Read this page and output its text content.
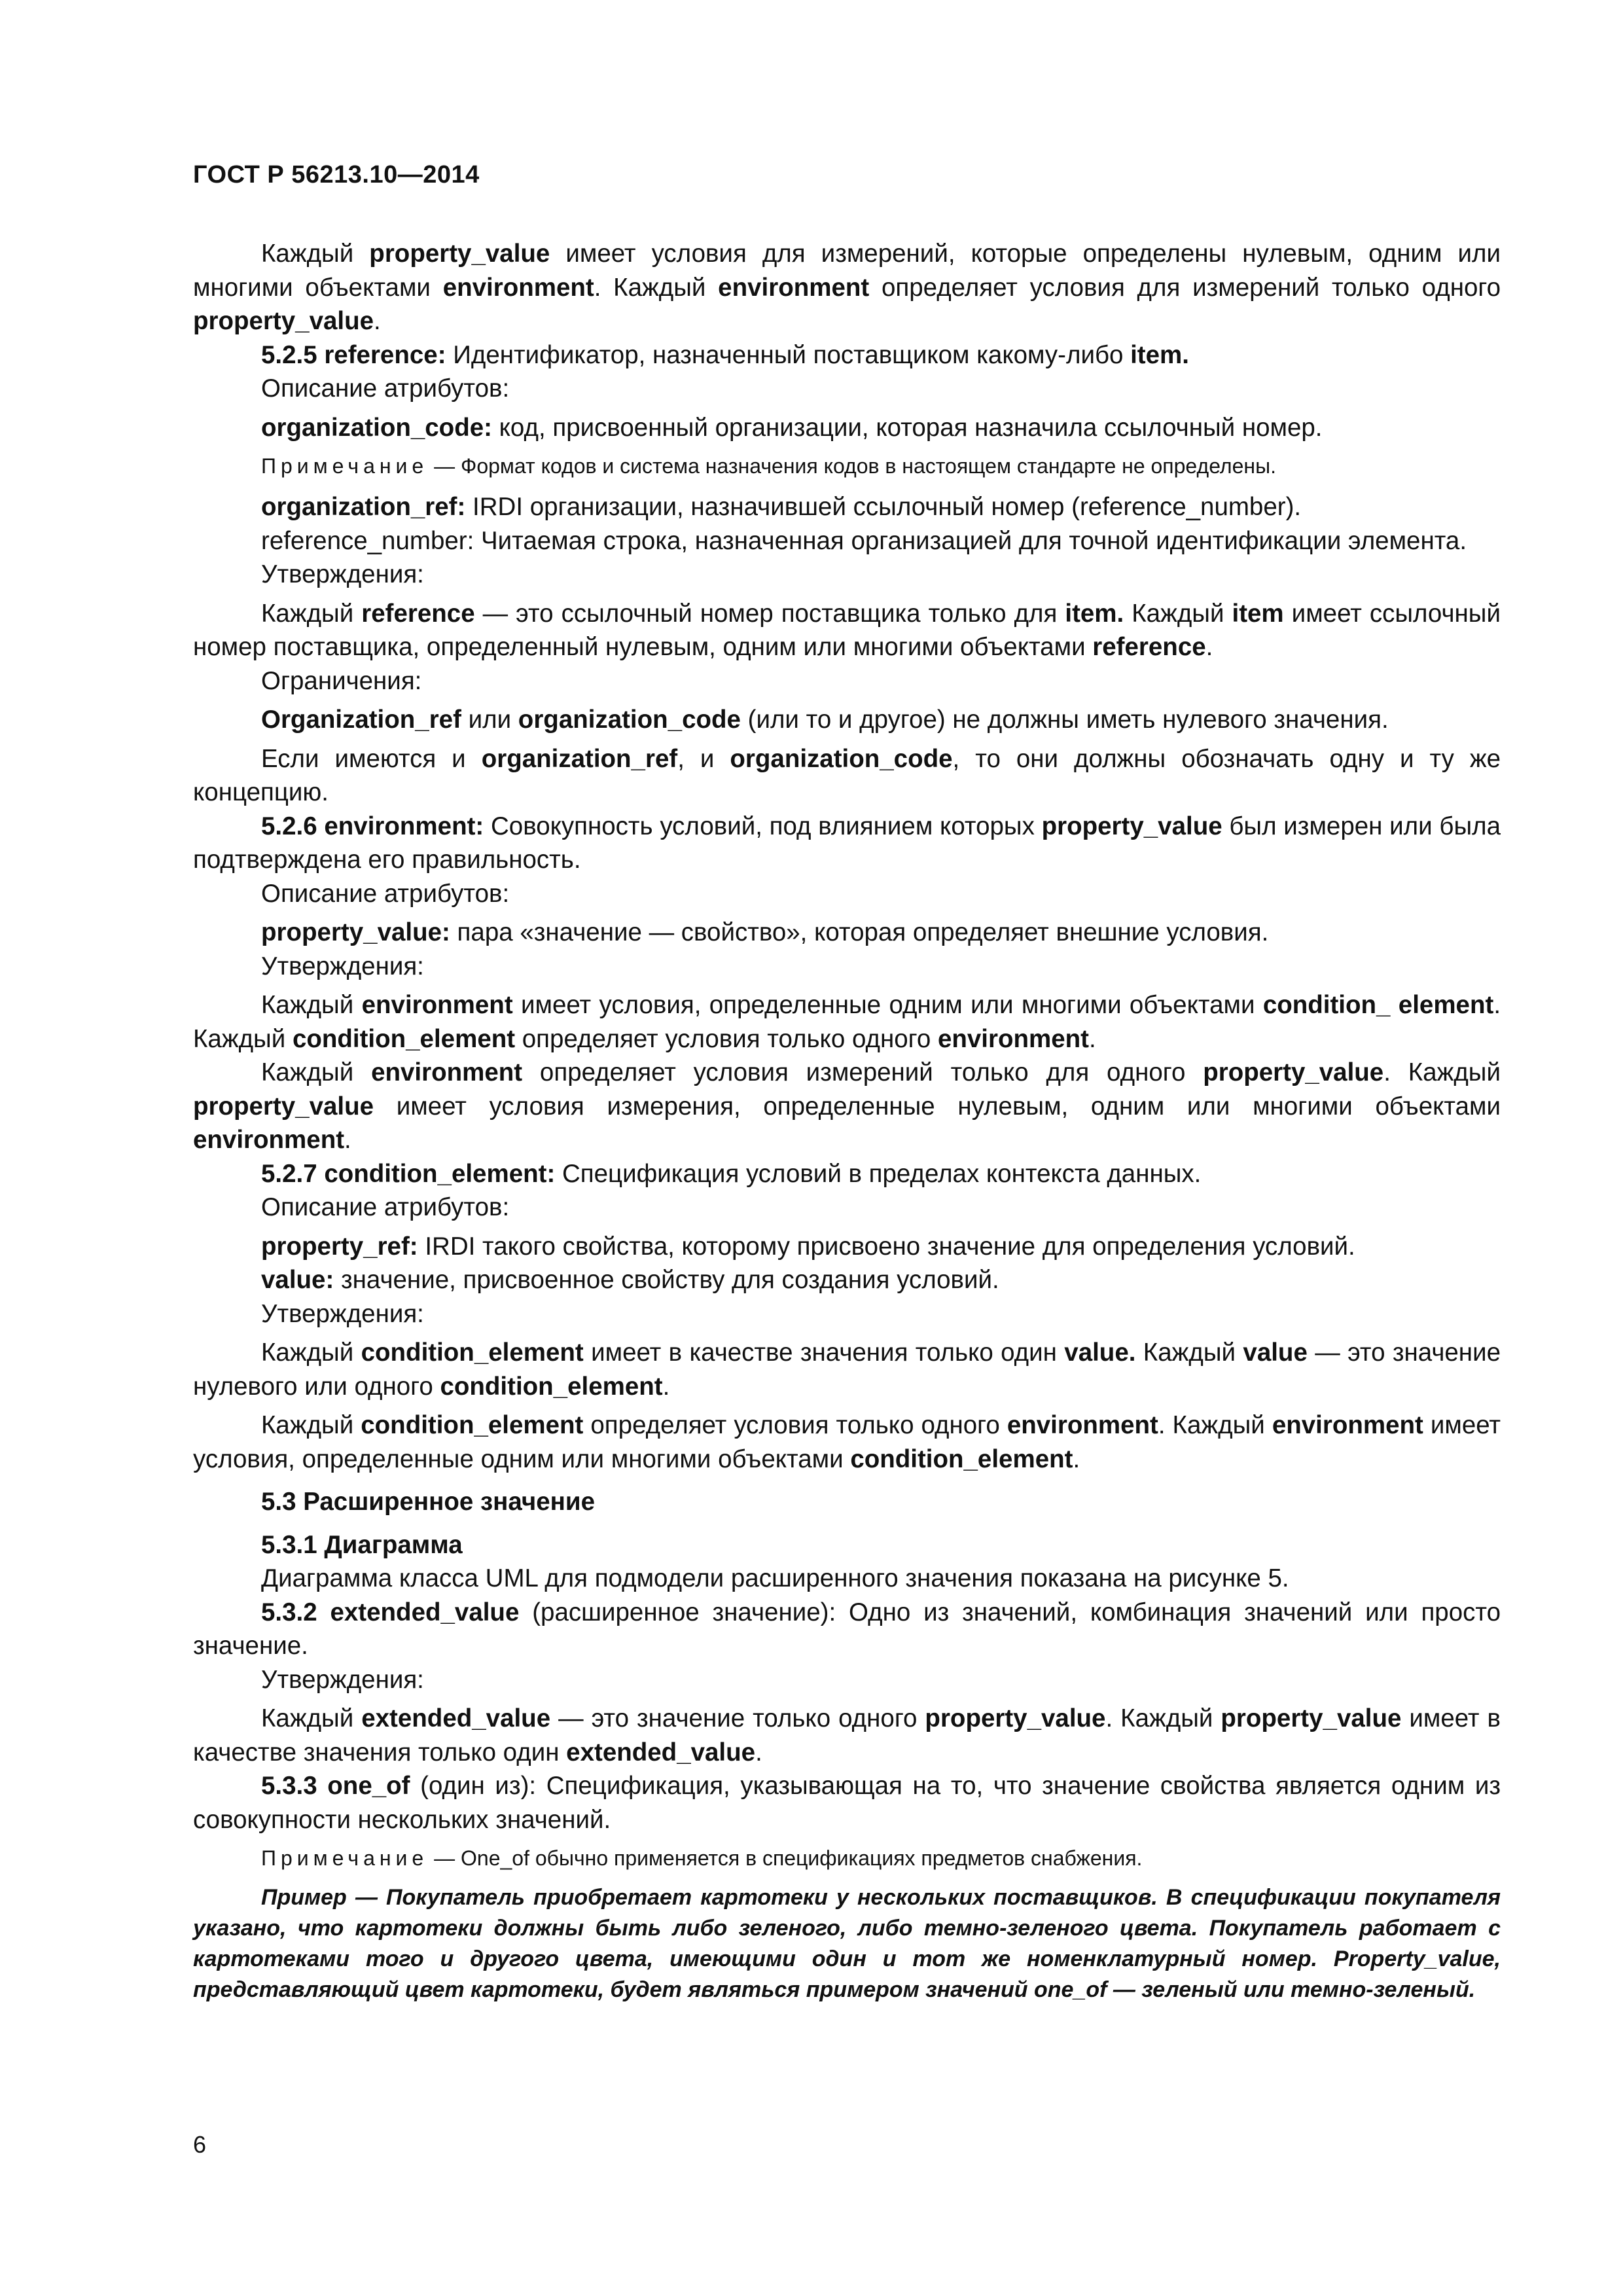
ГОСТ Р 56213.10—2014

Каждый property_value имеет условия для измерений, которые определены нулевым, одним или многими объектами environment. Каждый environment определяет условия для измерений только одного property_value.

5.2.5 reference: Идентификатор, назначенный поставщиком какому-либо item.

Описание атрибутов:

organization_code: код, присвоенный организации, которая назначила ссылочный номер.

Примечание — Формат кодов и система назначения кодов в настоящем стандарте не определены.

organization_ref: IRDI организации, назначившей ссылочный номер (reference_number).

reference_number: Читаемая строка, назначенная организацией для точной идентификации элемента.

Утверждения:

Каждый reference — это ссылочный номер поставщика только для item. Каждый item имеет ссылочный номер поставщика, определенный нулевым, одним или многими объектами reference.

Ограничения:

Organization_ref или organization_code (или то и другое) не должны иметь нулевого значения.

Если имеются и organization_ref, и organization_code, то они должны обозначать одну и ту же концепцию.

5.2.6 environment: Совокупность условий, под влиянием которых property_value был измерен или была подтверждена его правильность.

Описание атрибутов:

property_value: пара «значение — свойство», которая определяет внешние условия.

Утверждения:

Каждый environment имеет условия, определенные одним или многими объектами condition_ element. Каждый condition_element определяет условия только одного environment.

Каждый environment определяет условия измерений только для одного property_value. Каждый property_value имеет условия измерения, определенные нулевым, одним или многими объектами environment.

5.2.7 condition_element: Спецификация условий в пределах контекста данных.

Описание атрибутов:

property_ref: IRDI такого свойства, которому присвоено значение для определения условий.

value: значение, присвоенное свойству для создания условий.

Утверждения:

Каждый condition_element имеет в качестве значения только один value. Каждый value — это значение нулевого или одного condition_element.

Каждый condition_element определяет условия только одного environment. Каждый environment имеет условия, определенные одним или многими объектами condition_element.

5.3 Расширенное значение

5.3.1 Диаграмма

Диаграмма класса UML для подмодели расширенного значения показана на рисунке 5.

5.3.2 extended_value (расширенное значение): Одно из значений, комбинация значений или просто значение.

Утверждения:

Каждый extended_value — это значение только одного property_value. Каждый property_value имеет в качестве значения только один extended_value.

5.3.3 one_of (один из): Спецификация, указывающая на то, что значение свойства является одним из совокупности нескольких значений.

Примечание — One_of обычно применяется в спецификациях предметов снабжения.

Пример — Покупатель приобретает картотеки у нескольких поставщиков. В спецификации покупателя указано, что картотеки должны быть либо зеленого, либо темно-зеленого цвета. Покупатель работает с картотеками того и другого цвета, имеющими один и тот же номенклатурный номер. Property_value, представляющий цвет картотеки, будет являться примером значений one_of — зеленый или темно-зеленый.

6
